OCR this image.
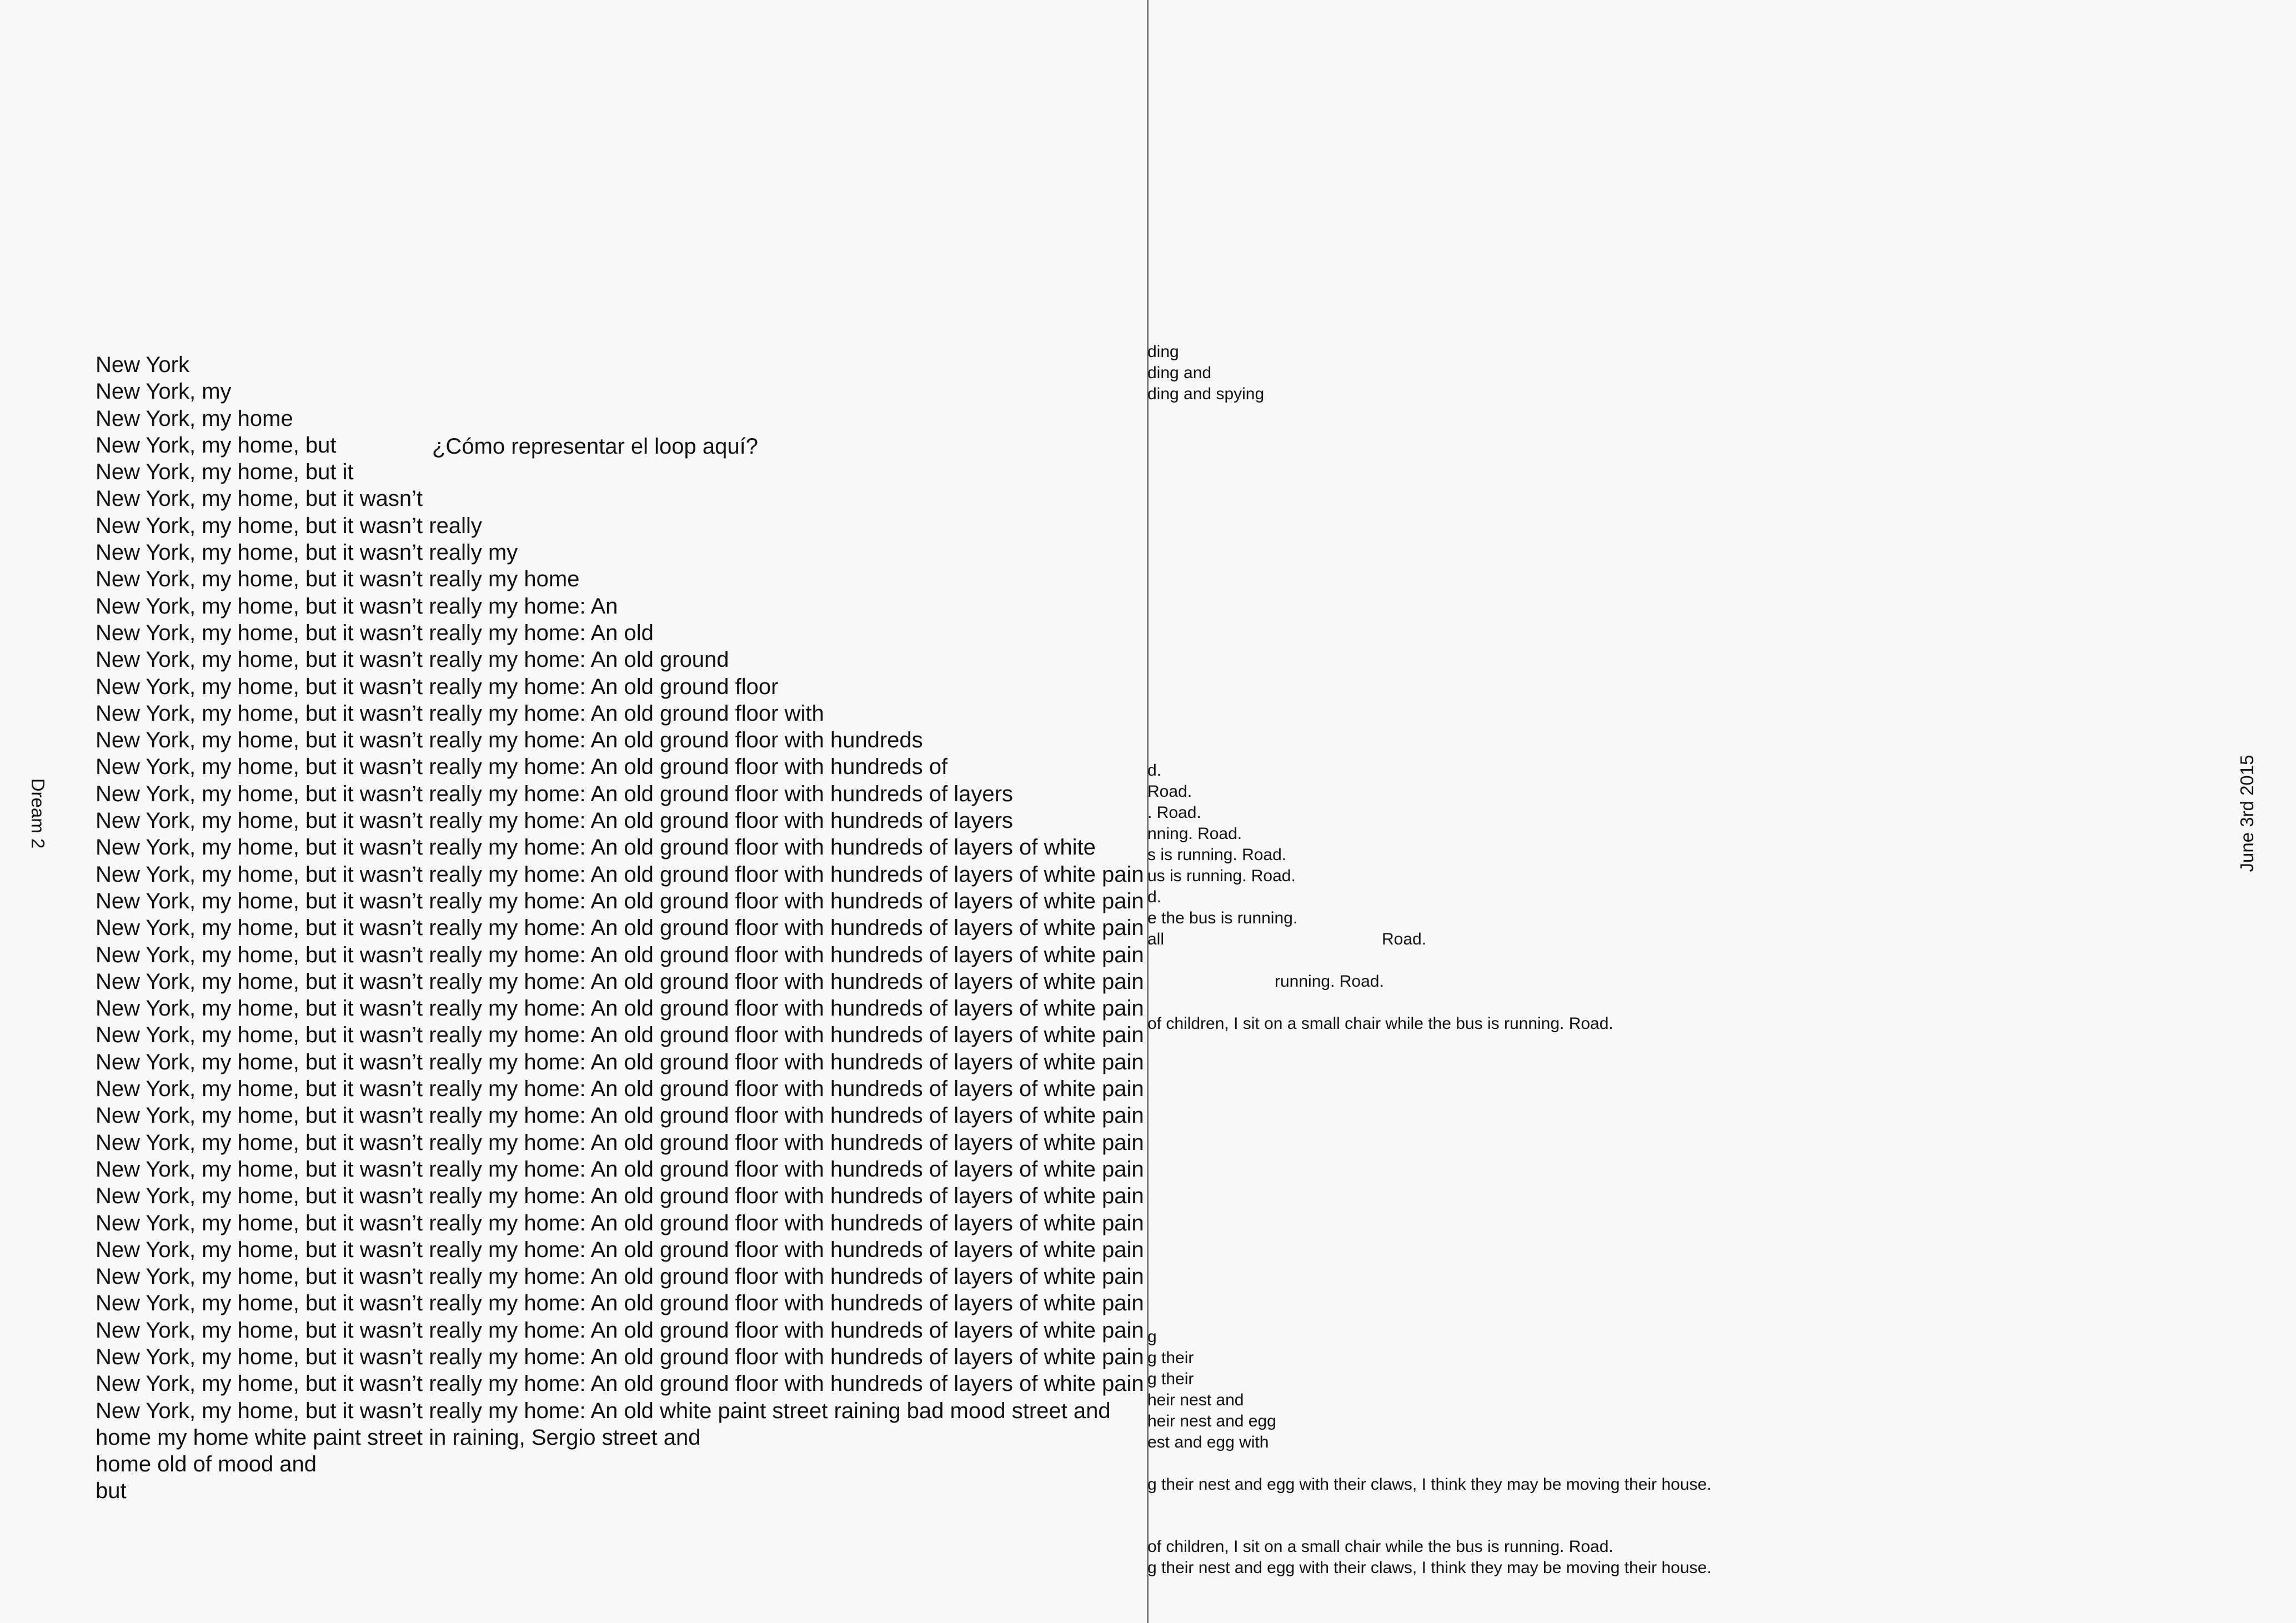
Dream 2
New York
New York, my
New York, my home
New York, my home, but
New York, my home, but it
New York, my home, but it wasn’t
New York, my home, but it wasn’t really
New York, my home, but it wasn’t really my
New York, my home, but it wasn’t really my home
New York, my home, but it wasn’t really my home: An
New York, my home, but it wasn’t really my home: An old
New York, my home, but it wasn’t really my home: An old ground
New York, my home, but it wasn’t really my home: An old ground floor
New York, my home, but it wasn’t really my home: An old ground floor with
New York, my home, but it wasn’t really my home: An old ground floor with hundreds
New York, my home, but it wasn’t really my home: An old ground floor with hundreds of
New York, my home, but it wasn’t really my home: An old ground floor with hundreds of layers
New York, my home, but it wasn’t really my home: An old ground floor with hundreds of layers
New York, my home, but it wasn’t really my home: An old ground floor with hundreds of layers of white
New York, my home, but it wasn’t really my home: An old ground floor with hundreds of layers of white pain
New York, my home, but it wasn’t really my home: An old ground floor with hundreds of layers of white pain
New York, my home, but it wasn’t really my home: An old ground floor with hundreds of layers of white pain
New York, my home, but it wasn’t really my home: An old ground floor with hundreds of layers of white pain
New York, my home, but it wasn’t really my home: An old ground floor with hundreds of layers of white pain
New York, my home, but it wasn’t really my home: An old ground floor with hundreds of layers of white pain
New York, my home, but it wasn’t really my home: An old ground floor with hundreds of layers of white pain
New York, my home, but it wasn’t really my home: An old ground floor with hundreds of layers of white pain
New York, my home, but it wasn’t really my home: An old ground floor with hundreds of layers of white pain
New York, my home, but it wasn’t really my home: An old ground floor with hundreds of layers of white pain
New York, my home, but it wasn’t really my home: An old ground floor with hundreds of layers of white pain
New York, my home, but it wasn’t really my home: An old ground floor with hundreds of layers of white pain
New York, my home, but it wasn’t really my home: An old ground floor with hundreds of layers of white pain
New York, my home, but it wasn’t really my home: An old ground floor with hundreds of layers of white pain
New York, my home, but it wasn’t really my home: An old ground floor with hundreds of layers of white pain
New York, my home, but it wasn’t really my home: An old ground floor with hundreds of layers of white pain
New York, my home, but it wasn’t really my home: An old ground floor with hundreds of layers of white pain
New York, my home, but it wasn’t really my home: An old ground floor with hundreds of layers of white pain
New York, my home, but it wasn’t really my home: An old ground floor with hundreds of layers of white pain
New York, my home, but it wasn’t really my home: An old ground floor with hundreds of layers of white pain
New York, my home, but it wasn’t really my home: An old white paint street raining bad mood street and
home my home white paint street in raining, Sergio street and
home old of mood and
but
¿Cómo representar el loop aquí?
ding
ding and
ding and spying
d.
Road.
. Road.
nning. Road.
s is running. Road.
us is running. Road.
d.
e the bus is running.
all	Road.
running. Road.
of children, I sit on a small chair while the bus is running. Road.
g
g their
g their
heir nest and
heir nest and egg
est and egg with
g their nest and egg with their claws, I think they may be moving their house.
of children, I sit on a small chair while the bus is running. Road.
g their nest and egg with their claws, I think they may be moving their house.
June 3rd 2015
